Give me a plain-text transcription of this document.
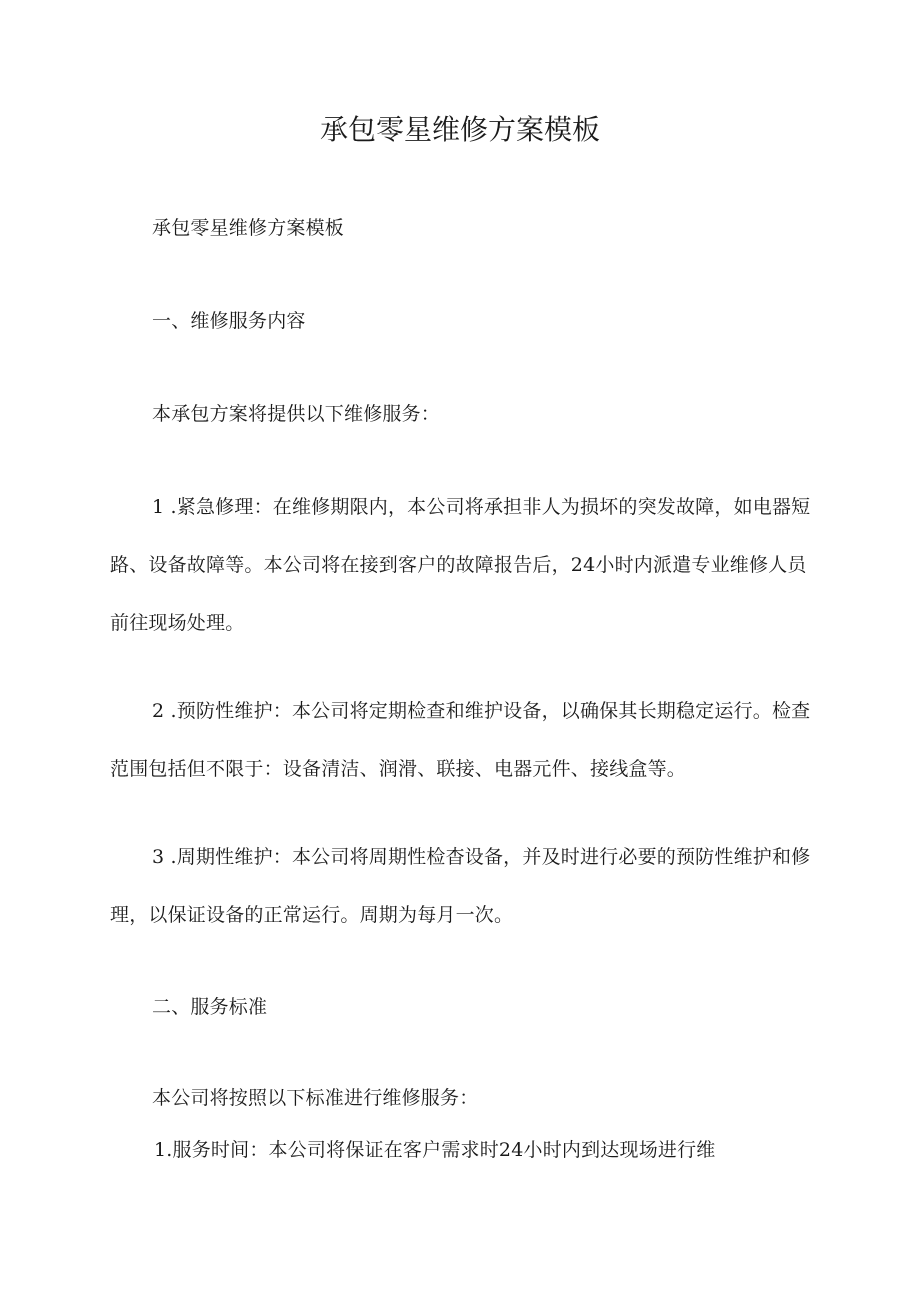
承包零星维修方案模板

承包零星维修方案模板

一、维修服务内容

本承包方案将提供以下维修服务：

1 .紧急修理：在维修期限内，本公司将承担非人为损坏的突发故障，如电器短路、设备故障等。本公司将在接到客户的故障报告后，24小时内派遣专业维修人员前往现场处理。

2 .预防性维护：本公司将定期检查和维护设备，以确保其长期稳定运行。检查范围包括但不限于：设备清洁、润滑、联接、电器元件、接线盒等。

3 .周期性维护：本公司将周期性检杳设备，并及时进行必要的预防性维护和修理，以保证设备的正常运行。周期为每月一次。

二、服务标准

本公司将按照以下标准进行维修服务：

1.服务时间：本公司将保证在客户需求时24小时内到达现场进行维
